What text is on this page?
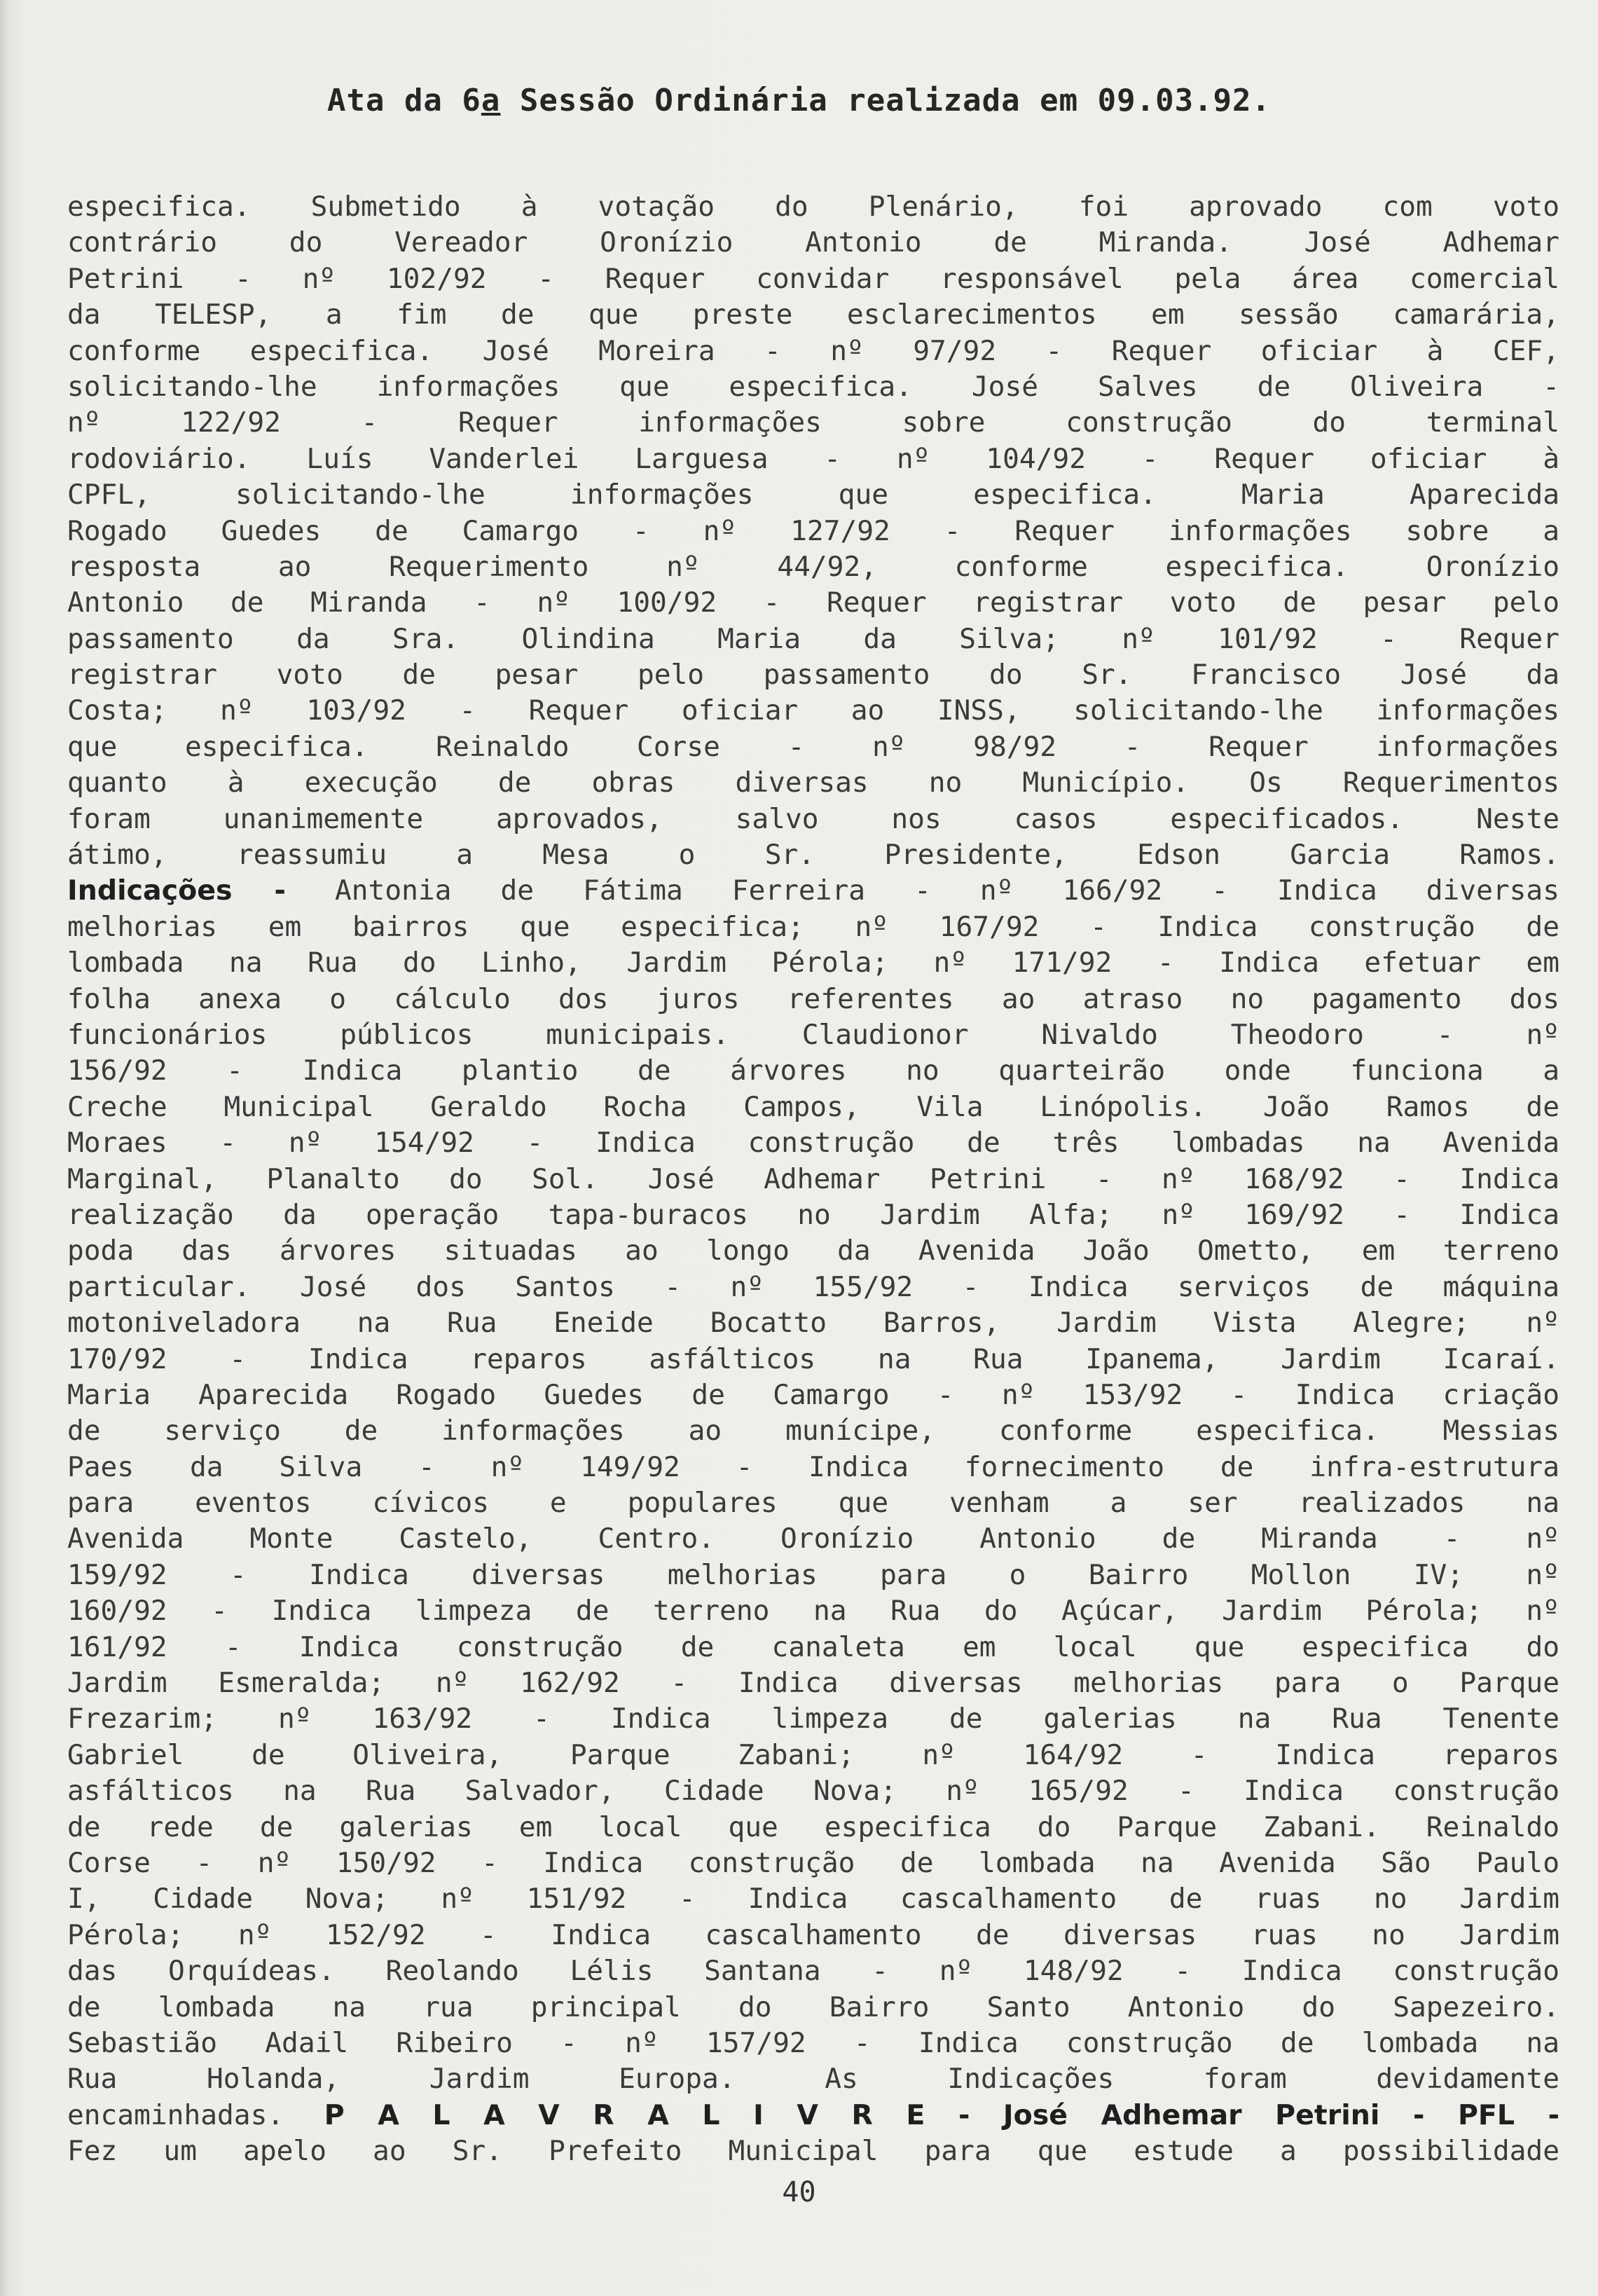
Ata da 6a Sessão Ordinária realizada em 09.03.92.
especifica. Submetido à votação do Plenário, foi aprovado com voto
contrário do Vereador Oronízio Antonio de Miranda. José Adhemar
Petrini - nº 102/92 - Requer convidar responsável pela área comercial
da TELESP, a fim de que preste esclarecimentos em sessão camarária,
conforme especifica. José Moreira - nº 97/92 - Requer oficiar à CEF,
solicitando-lhe informações que especifica. José Salves de Oliveira -
nº 122/92 - Requer informações sobre construção do terminal
rodoviário. Luís Vanderlei Larguesa - nº 104/92 - Requer oficiar à
CPFL, solicitando-lhe informações que especifica. Maria Aparecida
Rogado Guedes de Camargo - nº 127/92 - Requer informações sobre a
resposta ao Requerimento nº 44/92, conforme especifica. Oronízio
Antonio de Miranda - nº 100/92 - Requer registrar voto de pesar pelo
passamento da Sra. Olindina Maria da Silva; nº 101/92 - Requer
registrar voto de pesar pelo passamento do Sr. Francisco José da
Costa; nº 103/92 - Requer oficiar ao INSS, solicitando-lhe informações
que especifica. Reinaldo Corse - nº 98/92 - Requer informações
quanto à execução de obras diversas no Município. Os Requerimentos
foram unanimemente aprovados, salvo nos casos especificados. Neste
átimo, reassumiu a Mesa o Sr. Presidente, Edson Garcia Ramos.
Indicações - Antonia de Fátima Ferreira - nº 166/92 - Indica diversas
melhorias em bairros que especifica; nº 167/92 - Indica construção de
lombada na Rua do Linho, Jardim Pérola; nº 171/92 - Indica efetuar em
folha anexa o cálculo dos juros referentes ao atraso no pagamento dos
funcionários públicos municipais. Claudionor Nivaldo Theodoro - nº
156/92 - Indica plantio de árvores no quarteirão onde funciona a
Creche Municipal Geraldo Rocha Campos, Vila Linópolis. João Ramos de
Moraes - nº 154/92 - Indica construção de três lombadas na Avenida
Marginal, Planalto do Sol. José Adhemar Petrini - nº 168/92 - Indica
realização da operação tapa-buracos no Jardim Alfa; nº 169/92 - Indica
poda das árvores situadas ao longo da Avenida João Ometto, em terreno
particular. José dos Santos - nº 155/92 - Indica serviços de máquina
motoniveladora na Rua Eneide Bocatto Barros, Jardim Vista Alegre; nº
170/92 - Indica reparos asfálticos na Rua Ipanema, Jardim Icaraí.
Maria Aparecida Rogado Guedes de Camargo - nº 153/92 - Indica criação
de serviço de informações ao munícipe, conforme especifica. Messias
Paes da Silva - nº 149/92 - Indica fornecimento de infra-estrutura
para eventos cívicos e populares que venham a ser realizados na
Avenida Monte Castelo, Centro. Oronízio Antonio de Miranda - nº
159/92 - Indica diversas melhorias para o Bairro Mollon IV; nº
160/92 - Indica limpeza de terreno na Rua do Açúcar, Jardim Pérola; nº
161/92 - Indica construção de canaleta em local que especifica do
Jardim Esmeralda; nº 162/92 - Indica diversas melhorias para o Parque
Frezarim; nº 163/92 - Indica limpeza de galerias na Rua Tenente
Gabriel de Oliveira, Parque Zabani; nº 164/92 - Indica reparos
asfálticos na Rua Salvador, Cidade Nova; nº 165/92 - Indica construção
de rede de galerias em local que especifica do Parque Zabani. Reinaldo
Corse - nº 150/92 - Indica construção de lombada na Avenida São Paulo
I, Cidade Nova; nº 151/92 - Indica cascalhamento de ruas no Jardim
Pérola; nº 152/92 - Indica cascalhamento de diversas ruas no Jardim
das Orquídeas. Reolando Lélis Santana - nº 148/92 - Indica construção
de lombada na rua principal do Bairro Santo Antonio do Sapezeiro.
Sebastião Adail Ribeiro - nº 157/92 - Indica construção de lombada na
Rua Holanda, Jardim Europa. As Indicações foram devidamente
encaminhadas. P A L A V R A L I V R E - José Adhemar Petrini - PFL -
Fez um apelo ao Sr. Prefeito Municipal para que estude a possibilidade
40
